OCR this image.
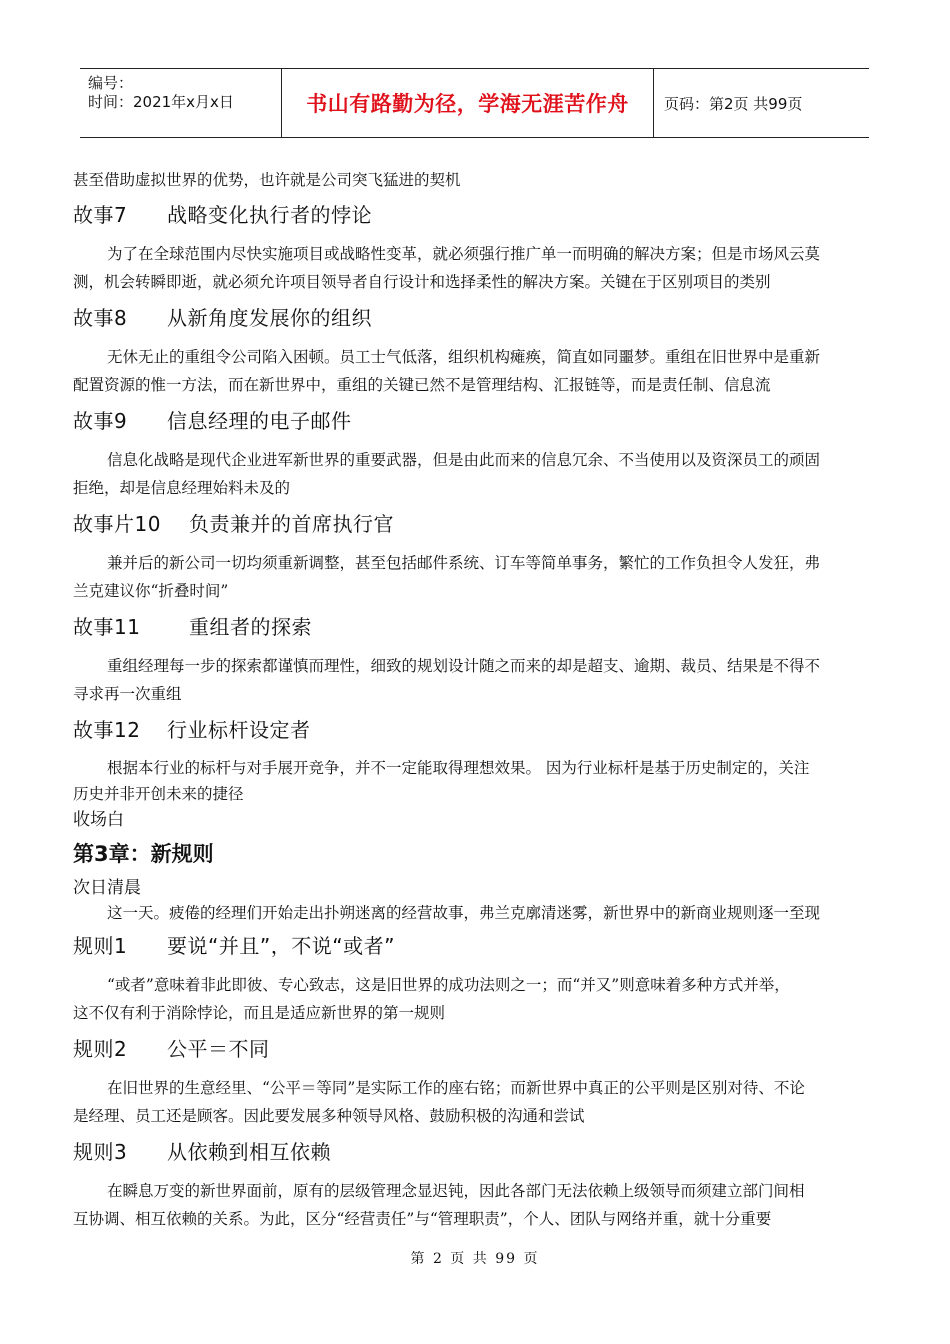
编号：
时间：2021年x月x日	书山有路勤为径，学海无涯苦作舟	页码：第2页 共99页

甚至借助虚拟世界的优势，也许就是公司突飞猛进的契机

故事7 战略变化执行者的悖论
为了在全球范围内尽快实施项目或战略性变革，就必须强行推广单一而明确的解决方案；但是市场风云莫
测，机会转瞬即逝，就必须允许项目领导者自行设计和选择柔性的解决方案。关键在于区别项目的类别
故事8 从新角度发展你的组织
无休无止的重组令公司陷入困顿。员工士气低落，组织机构瘫痪，简直如同噩梦。重组在旧世界中是重新
配置资源的惟一方法，而在新世界中，重组的关键已然不是管理结构、汇报链等，而是责任制、信息流
故事9 信息经理的电子邮件
信息化战略是现代企业进军新世界的重要武器，但是由此而来的信息冗余、不当使用以及资深员工的顽固
拒绝，却是信息经理始料未及的
故事片10 负责兼并的首席执行官
兼并后的新公司一切均须重新调整，甚至包括邮件系统、订车等简单事务，繁忙的工作负担令人发狂，弗
兰克建议你“折叠时间”
故事11 重组者的探索
重组经理每一步的探索都谨慎而理性，细致的规划设计随之而来的却是超支、逾期、裁员、结果是不得不
寻求再一次重组
故事12 行业标杆设定者
根据本行业的标杆与对手展开竞争，并不一定能取得理想效果。 因为行业标杆是基于历史制定的，关注
历史并非开创未来的捷径

收场白

第3章：新规则

次日清晨

这一天。疲倦的经理们开始走出扑朔迷离的经营故事，弗兰克廓清迷雾，新世界中的新商业规则逐一至现
规则1 要说“并且”，不说“或者”
“或者”意味着非此即彼、专心致志，这是旧世界的成功法则之一；而“并又”则意味着多种方式并举，
这不仅有利于消除悖论，而且是适应新世界的第一规则
规则2 公平＝不同
在旧世界的生意经里、“公平＝等同”是实际工作的座右铭；而新世界中真正的公平则是区别对待、不论
是经理、员工还是顾客。因此要发展多种领导风格、鼓励积极的沟通和尝试
规则3 从依赖到相互依赖
在瞬息万变的新世界面前，原有的层级管理念显迟钝，因此各部门无法依赖上级领导而须建立部门间相
互协调、相互依赖的关系。为此，区分“经营责任”与“管理职责”，个人、团队与网络并重，就十分重要
第 2 页 共 99 页
